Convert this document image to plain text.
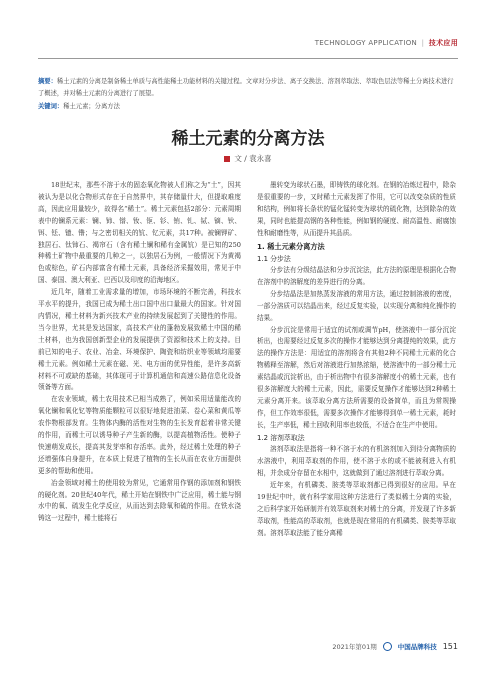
TECHNOLOGY APPLICATION | 技术应用
摘要：稀土元素的分离是制备稀土单质与高性能稀土功能材料的关键过程。文章对分步法、离子交换法、溶剂萃取法、萃取色层法等稀土分离技术进行了概述，并对稀土元素的分离进行了展望。
关键词：稀土元素；分离方法
稀土元素的分离方法
文 / 袁永喜

18世纪末，那些不溶于水的固态氧化物被人们称之为“土”，因其被认为是以化合物形式存在于自然界中，其存储量什大，但提取难度高，因此应用量较少，故得名“稀土”。稀土元素包括2部分：元素周期表中的镧系元素：镧、铈、镨、钕、钷、钐、铕、钆、铽、镝、钬、铒、铥、镱、镥；与之密切相关的钪、钇元素，共17种。被镧钾矿、独居石、钛铈石、褐帘石（含有稀土镧和稀有金属钪）是已知的250种稀土矿物中最重要的几种之一，以独居石为例，一般情况下为黄褐色或棕色，矿石内部富含有稀土元素，具备经济采掘效用，常见于中国、泰国、澳大利亚、巴西以及印度的沿海地区。

近几年，随着工业需求量的增加，市场环境的不断完善，科技水平水平的提升，我国已成为稀土出口国中出口量最大的国家。针对国内情况，稀土材料为新兴技术产业的持续发展起到了关键性的作用。当今世界，尤其是发达国家，高技术产业的蓬勃发展致稀土中国的稀土材料，也为我国创新型企业的发展提供了资源和技术上的支持。目前已知的电子、农业、冶金、环境保护、陶瓷和纺织业等领域均需要稀土元素。例如稀土元素在磁、光、电方面的优异性能，是许多高新材料不可或缺的基础，其体现可于计算机通信和高速公路信息化设备领备等方面。

在农业领域，稀土农用技术已相当成熟了，例如采用适量能改的氧化镧和氧化钇等物质能颗粒可以很好地促进油菜、卷心菜和黄瓜等农作物根部发育。生物体内酶的活性对生物的生长发育起着非常关键的作用，而稀土可以诱导种子产生新的酶，以提高植物活性。使种子快速萌发成长，提高其发芽率和存活率。此外，经过稀土处理的种子还增强体自身提升，在本质上促进了植物的生长从而在农业方面提供更多的帮助和使用。

冶金领域对稀土的使用较为常见，它通常用作钢的添加剂和钢铁的硬化剂。20世纪40年代，稀土开始在钢铁中广泛应用，稀土能与钢水中的氧、硫发生化学反应，从而达到去除氧和硫的作用。在铁水浇铸这一过程中，稀土能将石

墨转变为球状石墨，即铸铁的球化剂。在钢的冶炼过程中，除杂是很重要的一步，又时稀土元素发挥了作用，它可以改变杂质的性质和结构，例如将长条状的锰化锰转变为球状的硫化物，达到除杂的效果，同时也能提高钢的各种性能，例如钢的硬度、耐高温性、耐腐蚀性和耐磨性等，从而提升其品质。

1. 稀土元素分离方法
1.1 分步法

分步法有分级结晶法和分步沉淀法，此方法的原理是根据化合物在溶剂中的溶解度的差异进行的分离。

分步结晶法是加热蒸发溶液的常用方法，通过控制溶液的密度，一部分溶质可以结晶出来，经过反复实验，以实现分离和纯化操作的结果。

分步沉淀是常用于适宜的试剂或调节pH，使溶液中一部分沉淀析出，也需要经过反复多次的操作才能够达到分离提纯的效果，此方法的操作方法是：用适宜的溶剂将含有其他2种不同稀土元素的化合物稀释至溶解，然后对溶液进行加热浓缩，使溶液中的一部分稀土元素结晶或沉淀析出，由于析出物中有很多溶解度小的稀土元素，也有很多溶解度大的稀土元素，因此，需要反复操作才能够达到2种稀土元素分离开来。该萃取分离方法所需要的设备简单，而且为常规操作，但工作效率很低，需要多次操作才能够得到单一稀土元素，耗时长，生产率低，稀土回收利用率也较低，不适合在生产中使用。

1.2 溶剂萃取法

溶剂萃取法是指将一种不溶于水的有机溶剂加入到待分离物质的水溶液中，利用萃取剂的作用，使不溶于水的或不能被利进入有机相，并余成分存留在水相中，这就做到了通过溶剂进行萃取分离。

近年来，有机磷类、胺类等萃取剂都已得到很好的应用。早在19世纪中叶，就有科学家用这种方法进行了类似稀土分离的实验，之后科学家开始研制并有效萃取剂来对稀土的分离，并发现了许多新萃取剂，性能高的萃取剂，也就是现在常用的有机磷类、胺类等萃取剂。溶剂萃取法能了能分离稀

2021年第01期	中国品牌科技 151
